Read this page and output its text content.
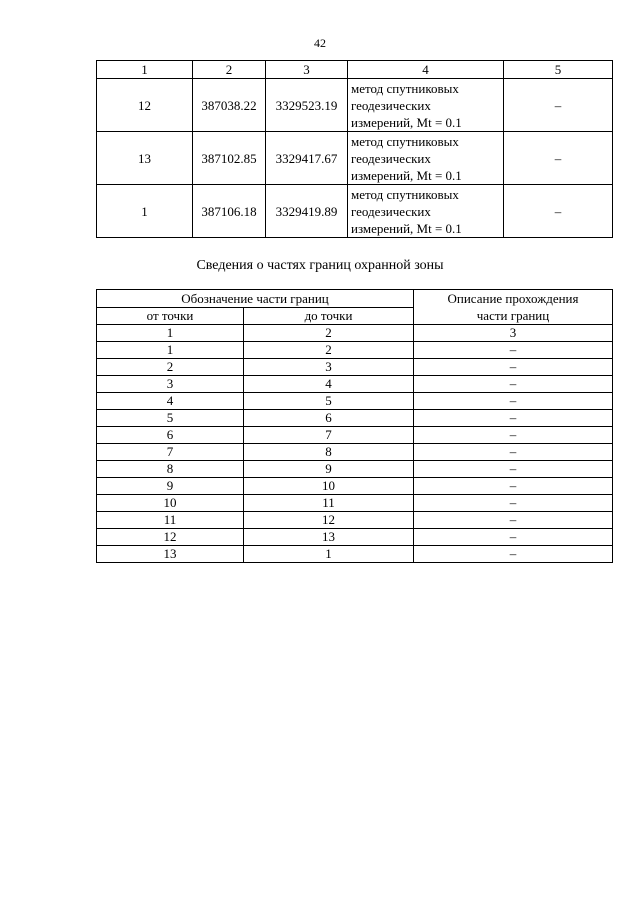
42
1	2	3	4	5
12	387038.22	3329523.19	метод спутниковых
геодезических
измерений, Mt = 0.1	–
13	387102.85	3329417.67	метод спутниковых
геодезических
измерений, Mt = 0.1	–
1	387106.18	3329419.89	метод спутниковых
геодезических
измерений, Mt = 0.1	–
Сведения о частях границ охранной зоны
Обозначение части границ		Описание прохождения
части границ

от точки	до точки	
1	2	3
1	2	–
2	3	–
3	4	–
4	5	–
5	6	–
6	7	–
7	8	–
8	9	–
9	10	–
10	11	–
11	12	–
12	13	–
13	1	–
